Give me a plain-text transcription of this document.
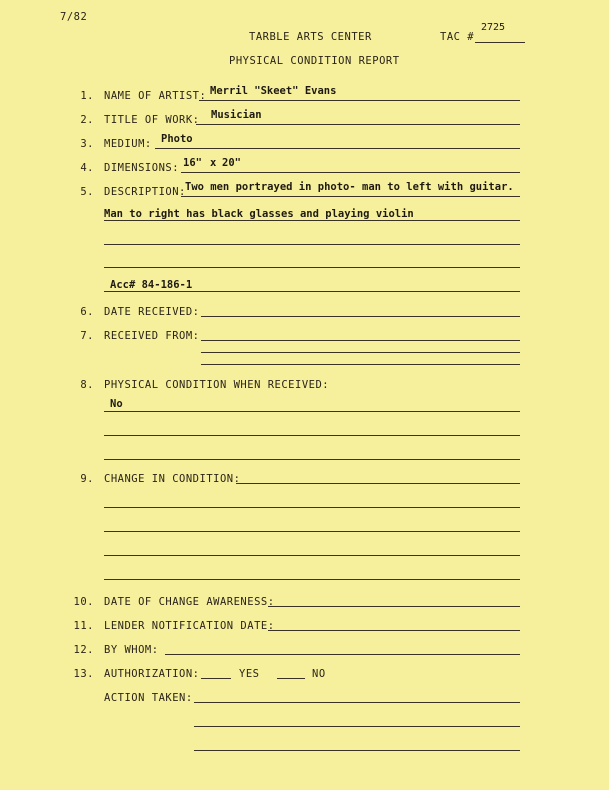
7/82
TARBLE ARTS CENTER	TAC #
2725
PHYSICAL CONDITION REPORT
1. NAME OF ARTIST: Merril "Skeet" Evans
2. TITLE OF WORK: Musician
3. MEDIUM: Photo
4. DIMENSIONS: 16" x 20"
5. DESCRIPTION: Two men portrayed in photo- man to left with guitar.
Man to right has black glasses and playing violin
Acc# 84-186-1
6. DATE RECEIVED:
7. RECEIVED FROM:
8. PHYSICAL CONDITION WHEN RECEIVED:
No
9. CHANGE IN CONDITION:
10. DATE OF CHANGE AWARENESS:
11. LENDER NOTIFICATION DATE:
12. BY WHOM:
13. AUTHORIZATION:	YES	NO
ACTION TAKEN:
